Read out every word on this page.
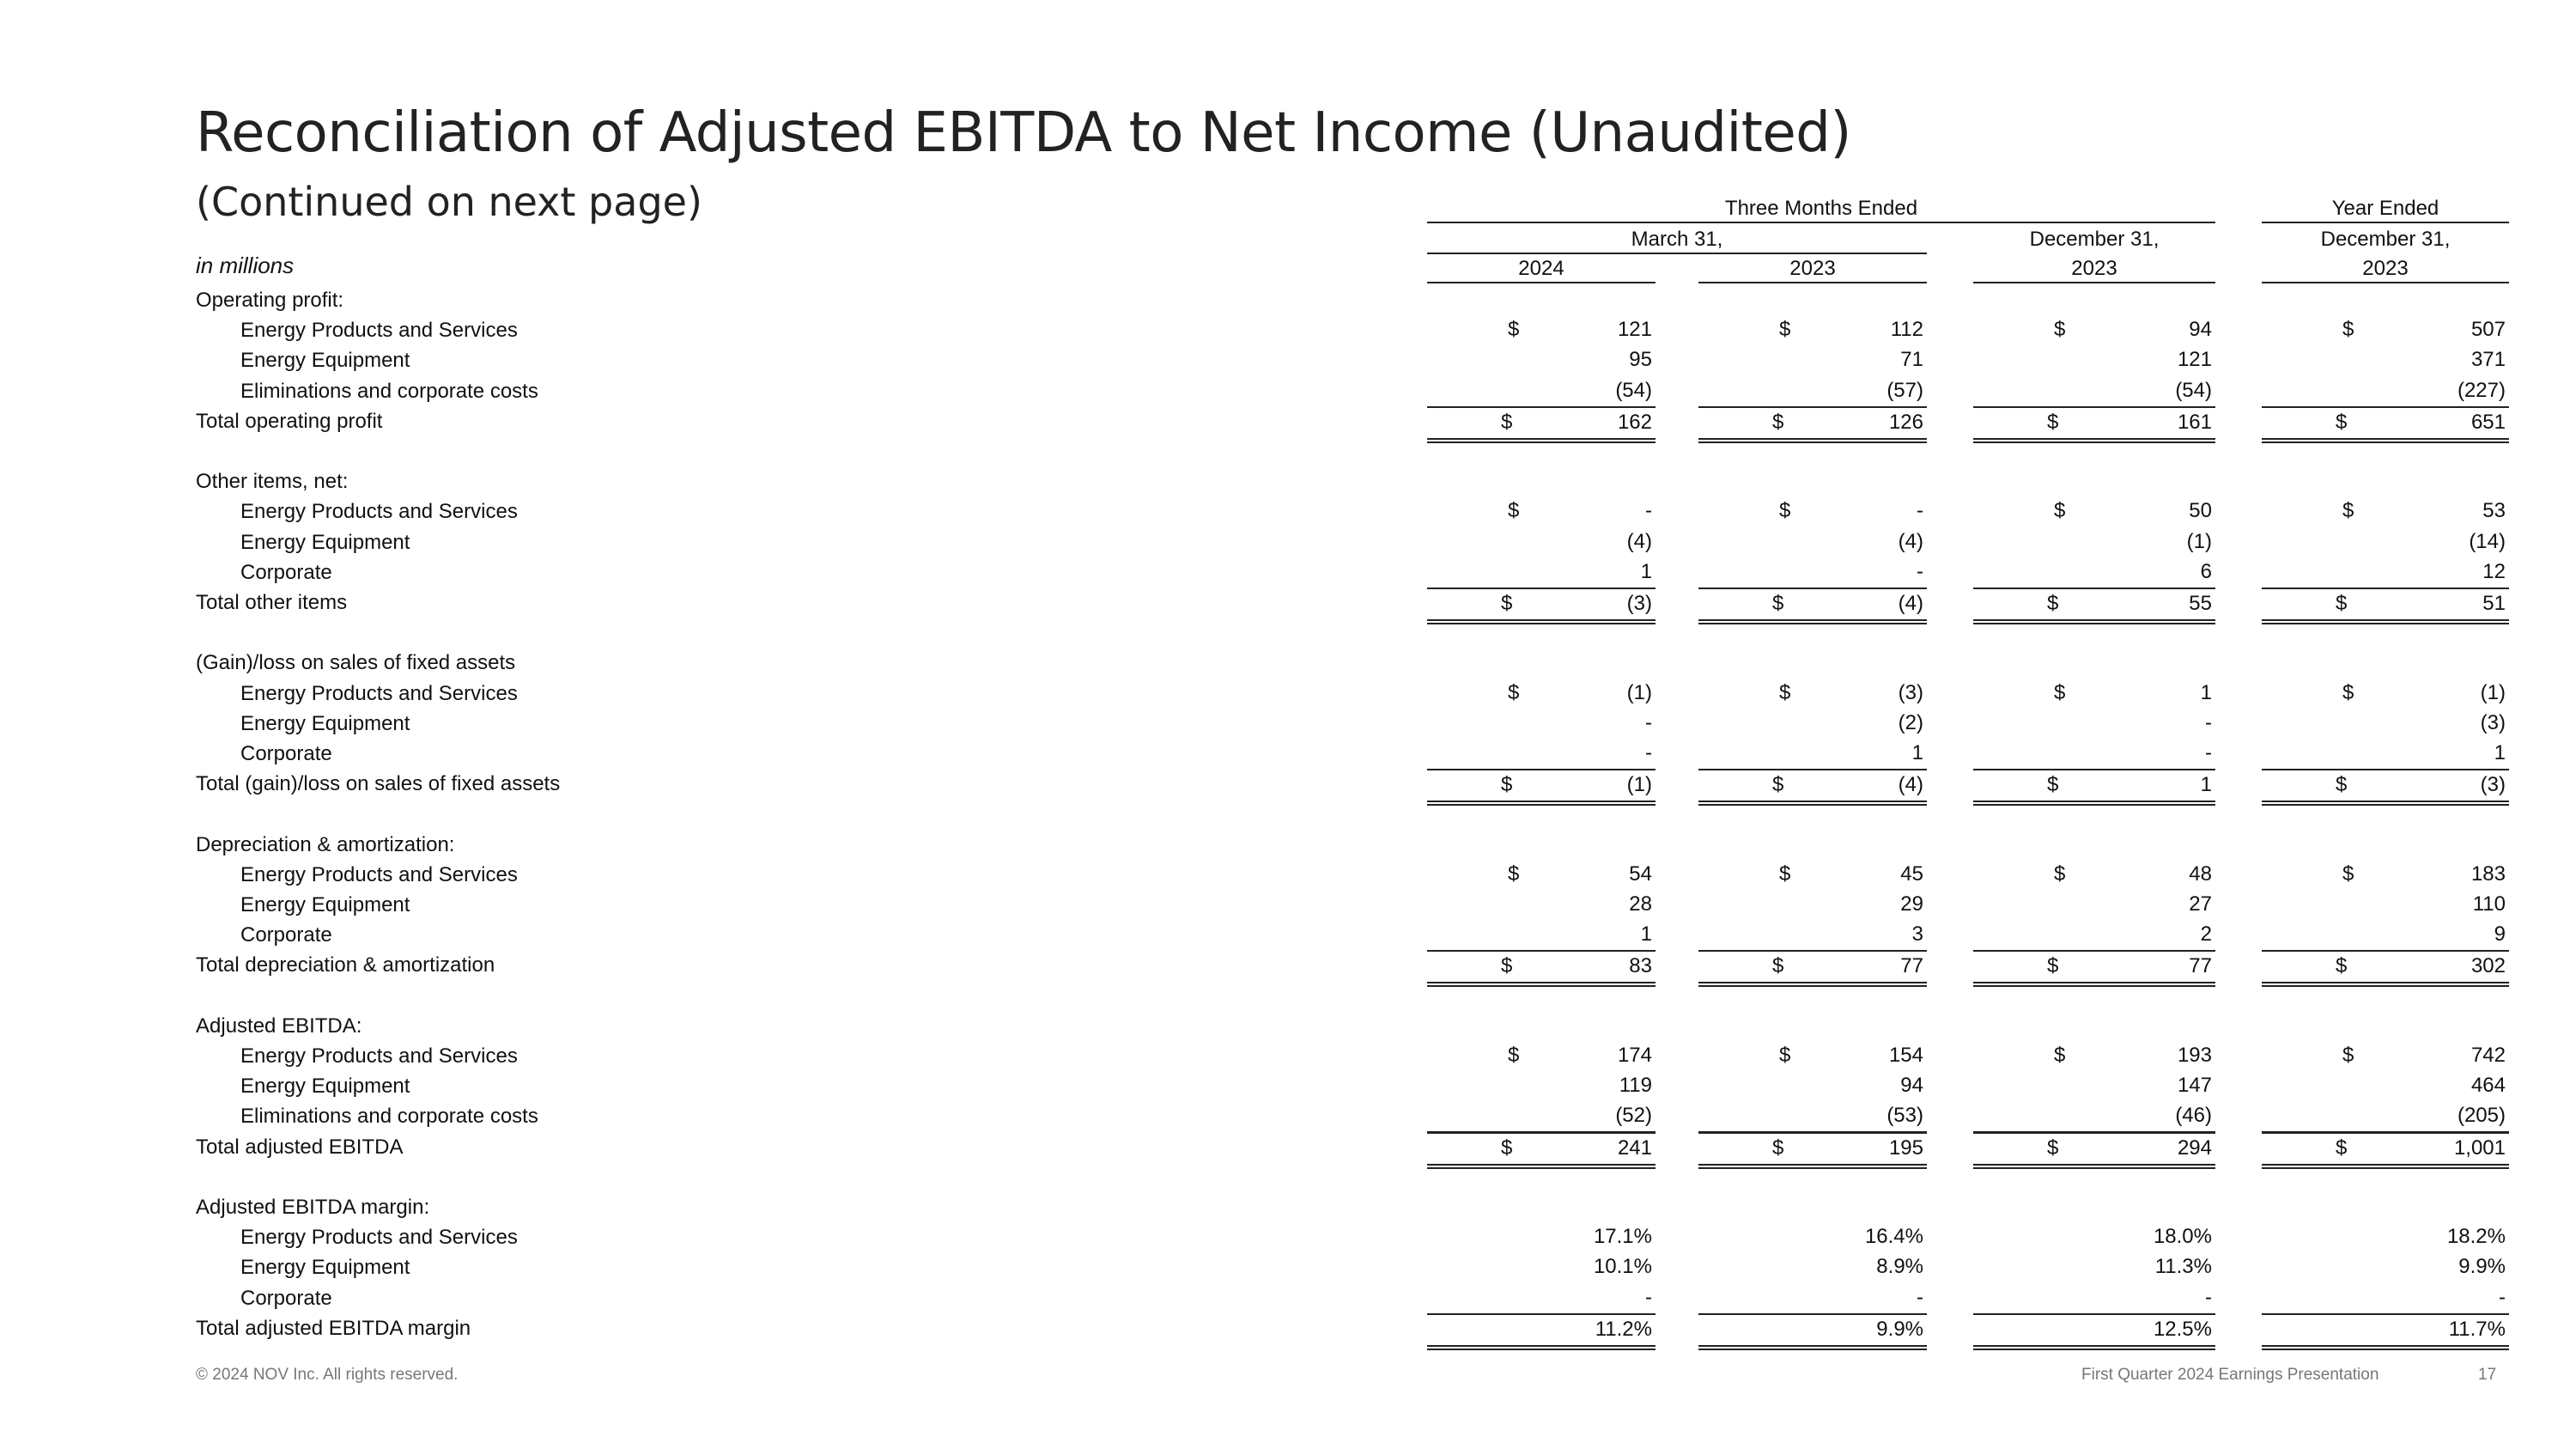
Reconciliation of Adjusted EBITDA to Net Income (Unaudited)
(Continued on next page)
in millions
Three Months Ended	Year Ended
March 31,	December 31,	December 31,
2024	2023	2023	2023
Operating profit:
Energy Products and Services	$	121	$	112	$	94	$	507
Energy Equipment	95	71	121	371
Eliminations and corporate costs	(54)	(57)	(54)	(227)
Total operating profit	$	162	$	126	$	161	$	651
Other items, net:
Energy Products and Services	$	-	$	-	$	50	$	53
Energy Equipment	(4)	(4)	(1)	(14)
Corporate	1	-	6	12
Total other items	$	(3)	$	(4)	$	55	$	51
(Gain)/loss on sales of fixed assets
Energy Products and Services	$	(1)	$	(3)	$	1	$	(1)
Energy Equipment	-	(2)	-	(3)
Corporate	-	1	-	1
Total (gain)/loss on sales of fixed assets	$	(1)	$	(4)	$	1	$	(3)
Depreciation & amortization:
Energy Products and Services	$	54	$	45	$	48	$	183
Energy Equipment	28	29	27	110
Corporate	1	3	2	9
Total depreciation & amortization	$	83	$	77	$	77	$	302
Adjusted EBITDA:
Energy Products and Services	$	174	$	154	$	193	$	742
Energy Equipment	119	94	147	464
Eliminations and corporate costs	(52)	(53)	(46)	(205)
Total adjusted EBITDA	$	241	$	195	$	294	$	1,001
Adjusted EBITDA margin:
Energy Products and Services	17.1%	16.4%	18.0%	18.2%
Energy Equipment	10.1%	8.9%	11.3%	9.9%
Corporate	-	-	-	-
Total adjusted EBITDA margin	11.2%	9.9%	12.5%	11.7%
© 2024 NOV Inc. All rights reserved.	First Quarter 2024 Earnings Presentation	17
